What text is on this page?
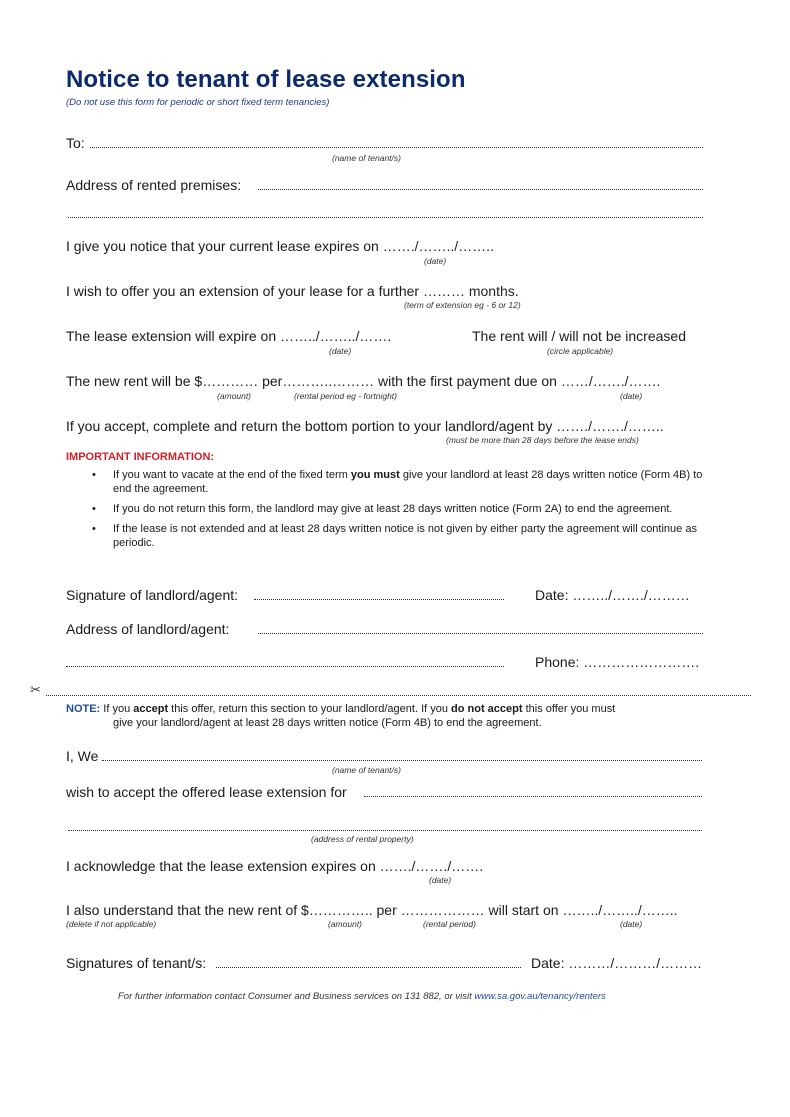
Notice to tenant of lease extension
(Do not use this form for periodic or short fixed term tenancies)
To:
(name of tenant/s)
Address of rented premises:
I give you notice that your current lease expires on ……./……../……..
(date)
I wish to offer you an extension of your lease for a further ……… months.
(term of extension eg - 6 or 12)
The lease extension will expire on ……../……../…….
(date)
The rent will / will not be increased
(circle applicable)
The new rent will be $………… per………..……… with the first payment due on ……/……./…….
(amount)	(rental period eg - fortnight)	(date)
If you accept, complete and return the bottom portion to your landlord/agent by ……./……./……..
(must be more than 28 days before the lease ends)
IMPORTANT INFORMATION:
• If you want to vacate at the end of the fixed term you must give your landlord at least 28 days written notice (Form 4B) to end the agreement.
• If you do not return this form, the landlord may give at least 28 days written notice (Form 2A) to end the agreement.
• If the lease is not extended and at least 28 days written notice is not given by either party the agreement will continue as periodic.
Signature of landlord/agent:	Date: ……../……./………
Address of landlord/agent:
Phone: …………………….
✂
NOTE: If you accept this offer, return this section to your landlord/agent. If you do not accept this offer you must
give your landlord/agent at least 28 days written notice (Form 4B) to end the agreement.
I, We
(name of tenant/s)
wish to accept the offered lease extension for
(address of rental property)
I acknowledge that the lease extension expires on ……./……./…….
(date)
I also understand that the new rent of $………….. per ……………… will start on ……../……../……..
(delete if not applicable)	(amount)	(rental period)	(date)
Signatures of tenant/s:	Date: ………/………/………
For further information contact Consumer and Business services on 131 882, or visit www.sa.gov.au/tenancy/renters
